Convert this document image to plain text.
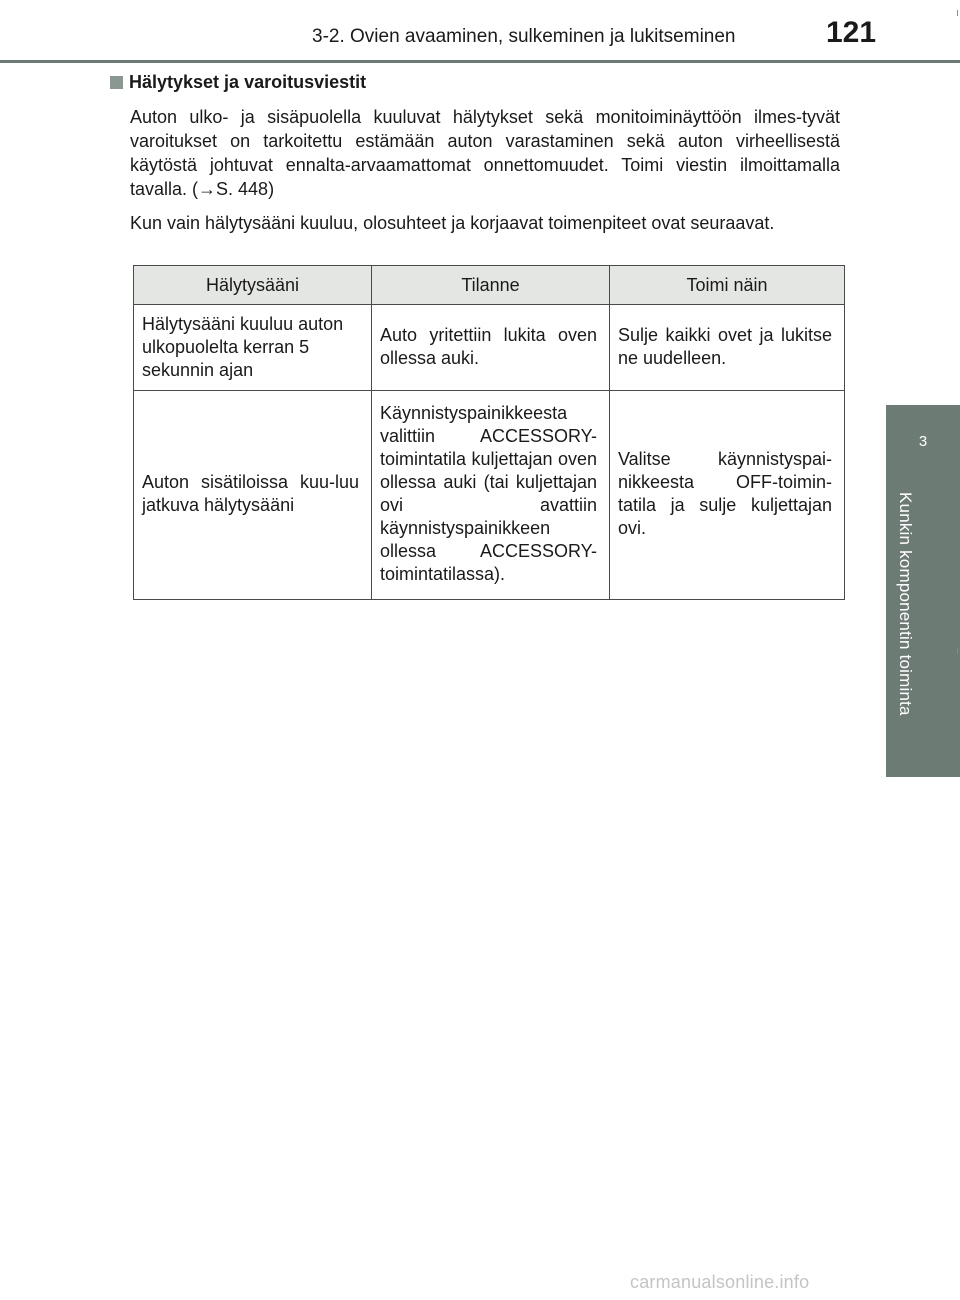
3-2. Ovien avaaminen, sulkeminen ja lukitseminen	121
3
Kunkin komponentin toiminta
Hälytykset ja varoitusviestit

Auton ulko- ja sisäpuolella kuuluvat hälytykset sekä monitoiminäyttöön ilmes-tyvät varoitukset on tarkoitettu estämään auton varastaminen sekä auton virheellisestä käytöstä johtuvat ennalta-arvaamattomat onnettomuudet. Toimi viestin ilmoittamalla tavalla. (→S. 448)

Kun vain hälytysääni kuuluu, olosuhteet ja korjaavat toimenpiteet ovat seuraavat.

Hälytysääni	Tilanne	Toimi näin
Hälytysääni kuuluu auton ulkopuolelta kerran 5 sekunnin ajan	Auto yritettiin lukita oven ollessa auki.	Sulje kaikki ovet ja lukitse ne uudelleen.
Auton sisätiloissa kuu-luu jatkuva hälytysääni	Käynnistyspainikkeesta valittiin ACCESSORY-toimintatila kuljettajan oven ollessa auki (tai kuljettajan ovi avattiin käynnistyspainikkeen ollessa ACCESSORY-toimintatilassa).	Valitse käynnistyspai-nikkeesta OFF-toimin-tatila ja sulje kuljettajan ovi.
carmanualsonline.info
